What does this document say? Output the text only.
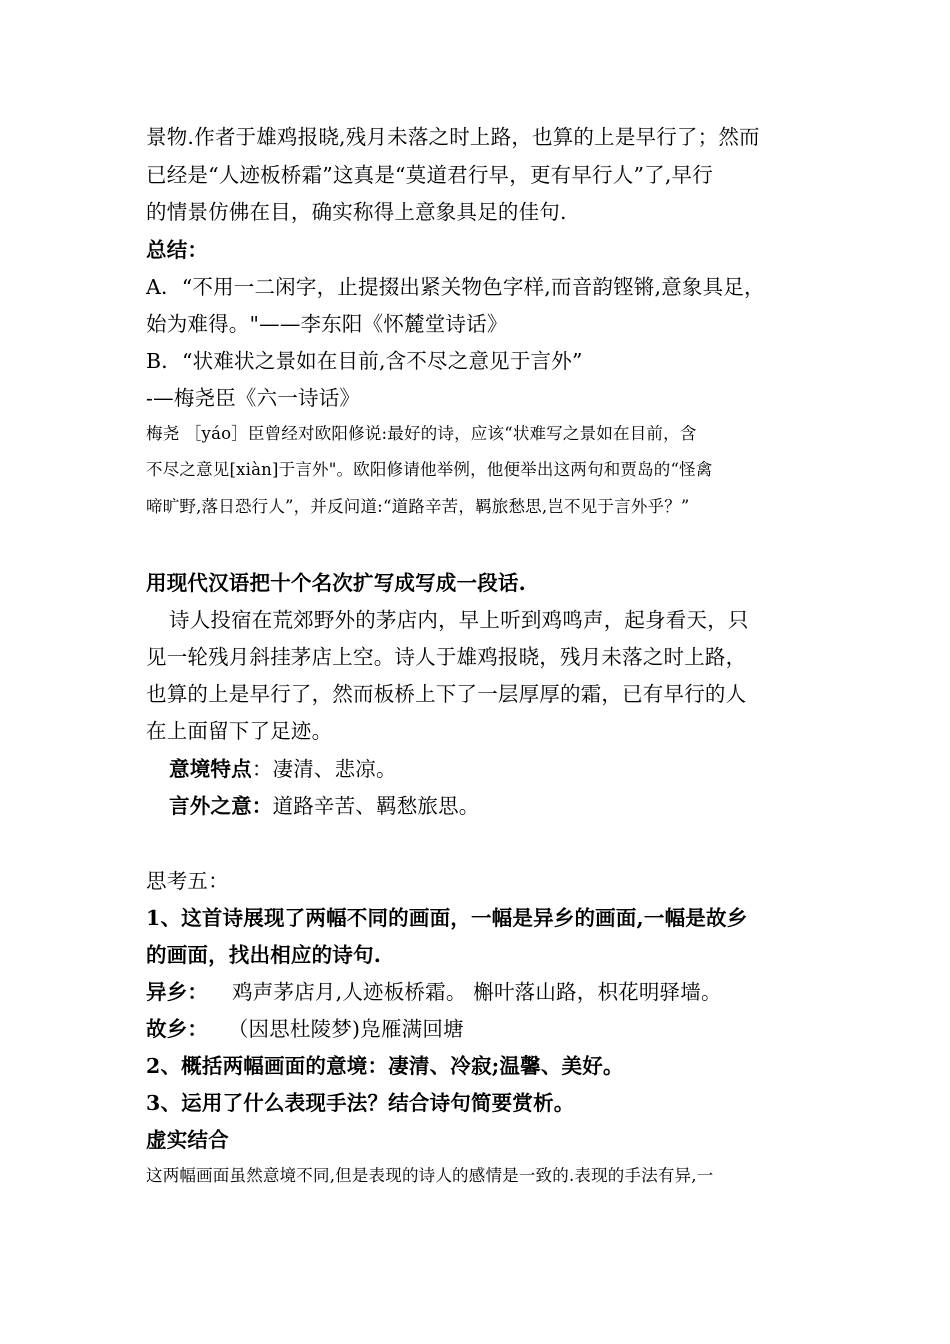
景物.作者于雄鸡报晓,残月未落之时上路，也算的上是早行了；然而
已经是“人迹板桥霜”这真是“莫道君行早，更有早行人”了,早行
的情景仿佛在目，确实称得上意象具足的佳句.
总结：
A．“不用一二闲字，止提掇出紧关物色字样,而音韵铿锵,意象具足，
始为难得。"——李东阳《怀麓堂诗话》
B．“状难状之景如在目前,含不尽之意见于言外”
-—梅尧臣《六一诗话》
梅尧 ［yáo］臣曾经对欧阳修说:最好的诗，应该“状难写之景如在目前，含
不尽之意见[xiàn]于言外"。欧阳修请他举例，他便举出这两句和贾岛的“怪禽
啼旷野,落日恐行人”，并反问道:“道路辛苦，羁旅愁思,岂不见于言外乎？”
用现代汉语把十个名次扩写成写成一段话.
诗人投宿在荒郊野外的茅店内，早上听到鸡鸣声，起身看天，只
见一轮残月斜挂茅店上空。诗人于雄鸡报晓，残月未落之时上路，
也算的上是早行了，然而板桥上下了一层厚厚的霜，已有早行的人
在上面留下了足迹。
意境特点：凄清、悲凉。
言外之意：道路辛苦、羁愁旅思。
思考五：
1、这首诗展现了两幅不同的画面，一幅是异乡的画面,一幅是故乡
的画面，找出相应的诗句.
异乡： 鸡声茅店月,人迹板桥霜。 槲叶落山路，枳花明驿墙。
故乡： （因思杜陵梦)凫雁满回塘
2、概括两幅画面的意境：凄清、冷寂;温馨、美好。
3、运用了什么表现手法？结合诗句简要赏析。
虚实结合
这两幅画面虽然意境不同,但是表现的诗人的感情是一致的.表现的手法有异,一
